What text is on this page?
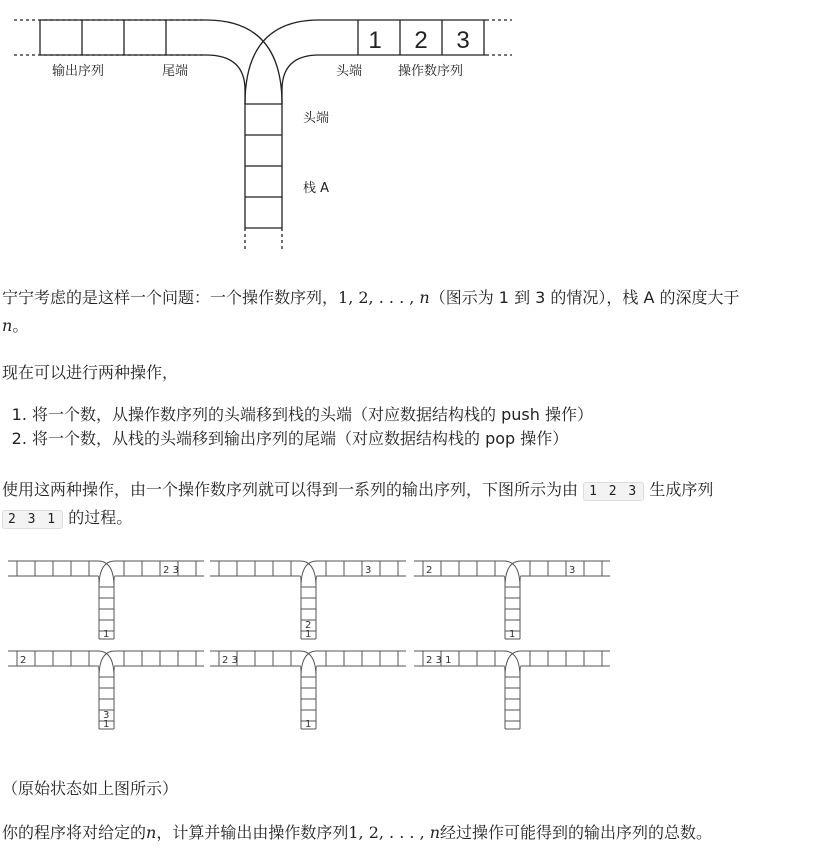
1 2 3
输出序列	尾端	头端	操作数序列
头端
栈 A

宁宁考虑的是这样一个问题：一个操作数序列，1, 2, . . . , n（图示为 1 到 3 的情况），栈 A 的深度大于

n。

现在可以进行两种操作，

1. 将一个数，从操作数序列的头端移到栈的头端（对应数据结构栈的 push 操作）
2. 将一个数，从栈的头端移到输出序列的尾端（对应数据结构栈的 pop 操作）

使用这两种操作，由一个操作数序列就可以得到一系列的输出序列，下图所示为由 1 2 3 生成序列

2 3 1 的过程。

2 3
1
3
2
1
2	3
1
2
3
1
2 3
1
2 3 1

（原始状态如上图所示）

你的程序将对给定的n，计算并输出由操作数序列1, 2, . . . , n经过操作可能得到的输出序列的总数。
